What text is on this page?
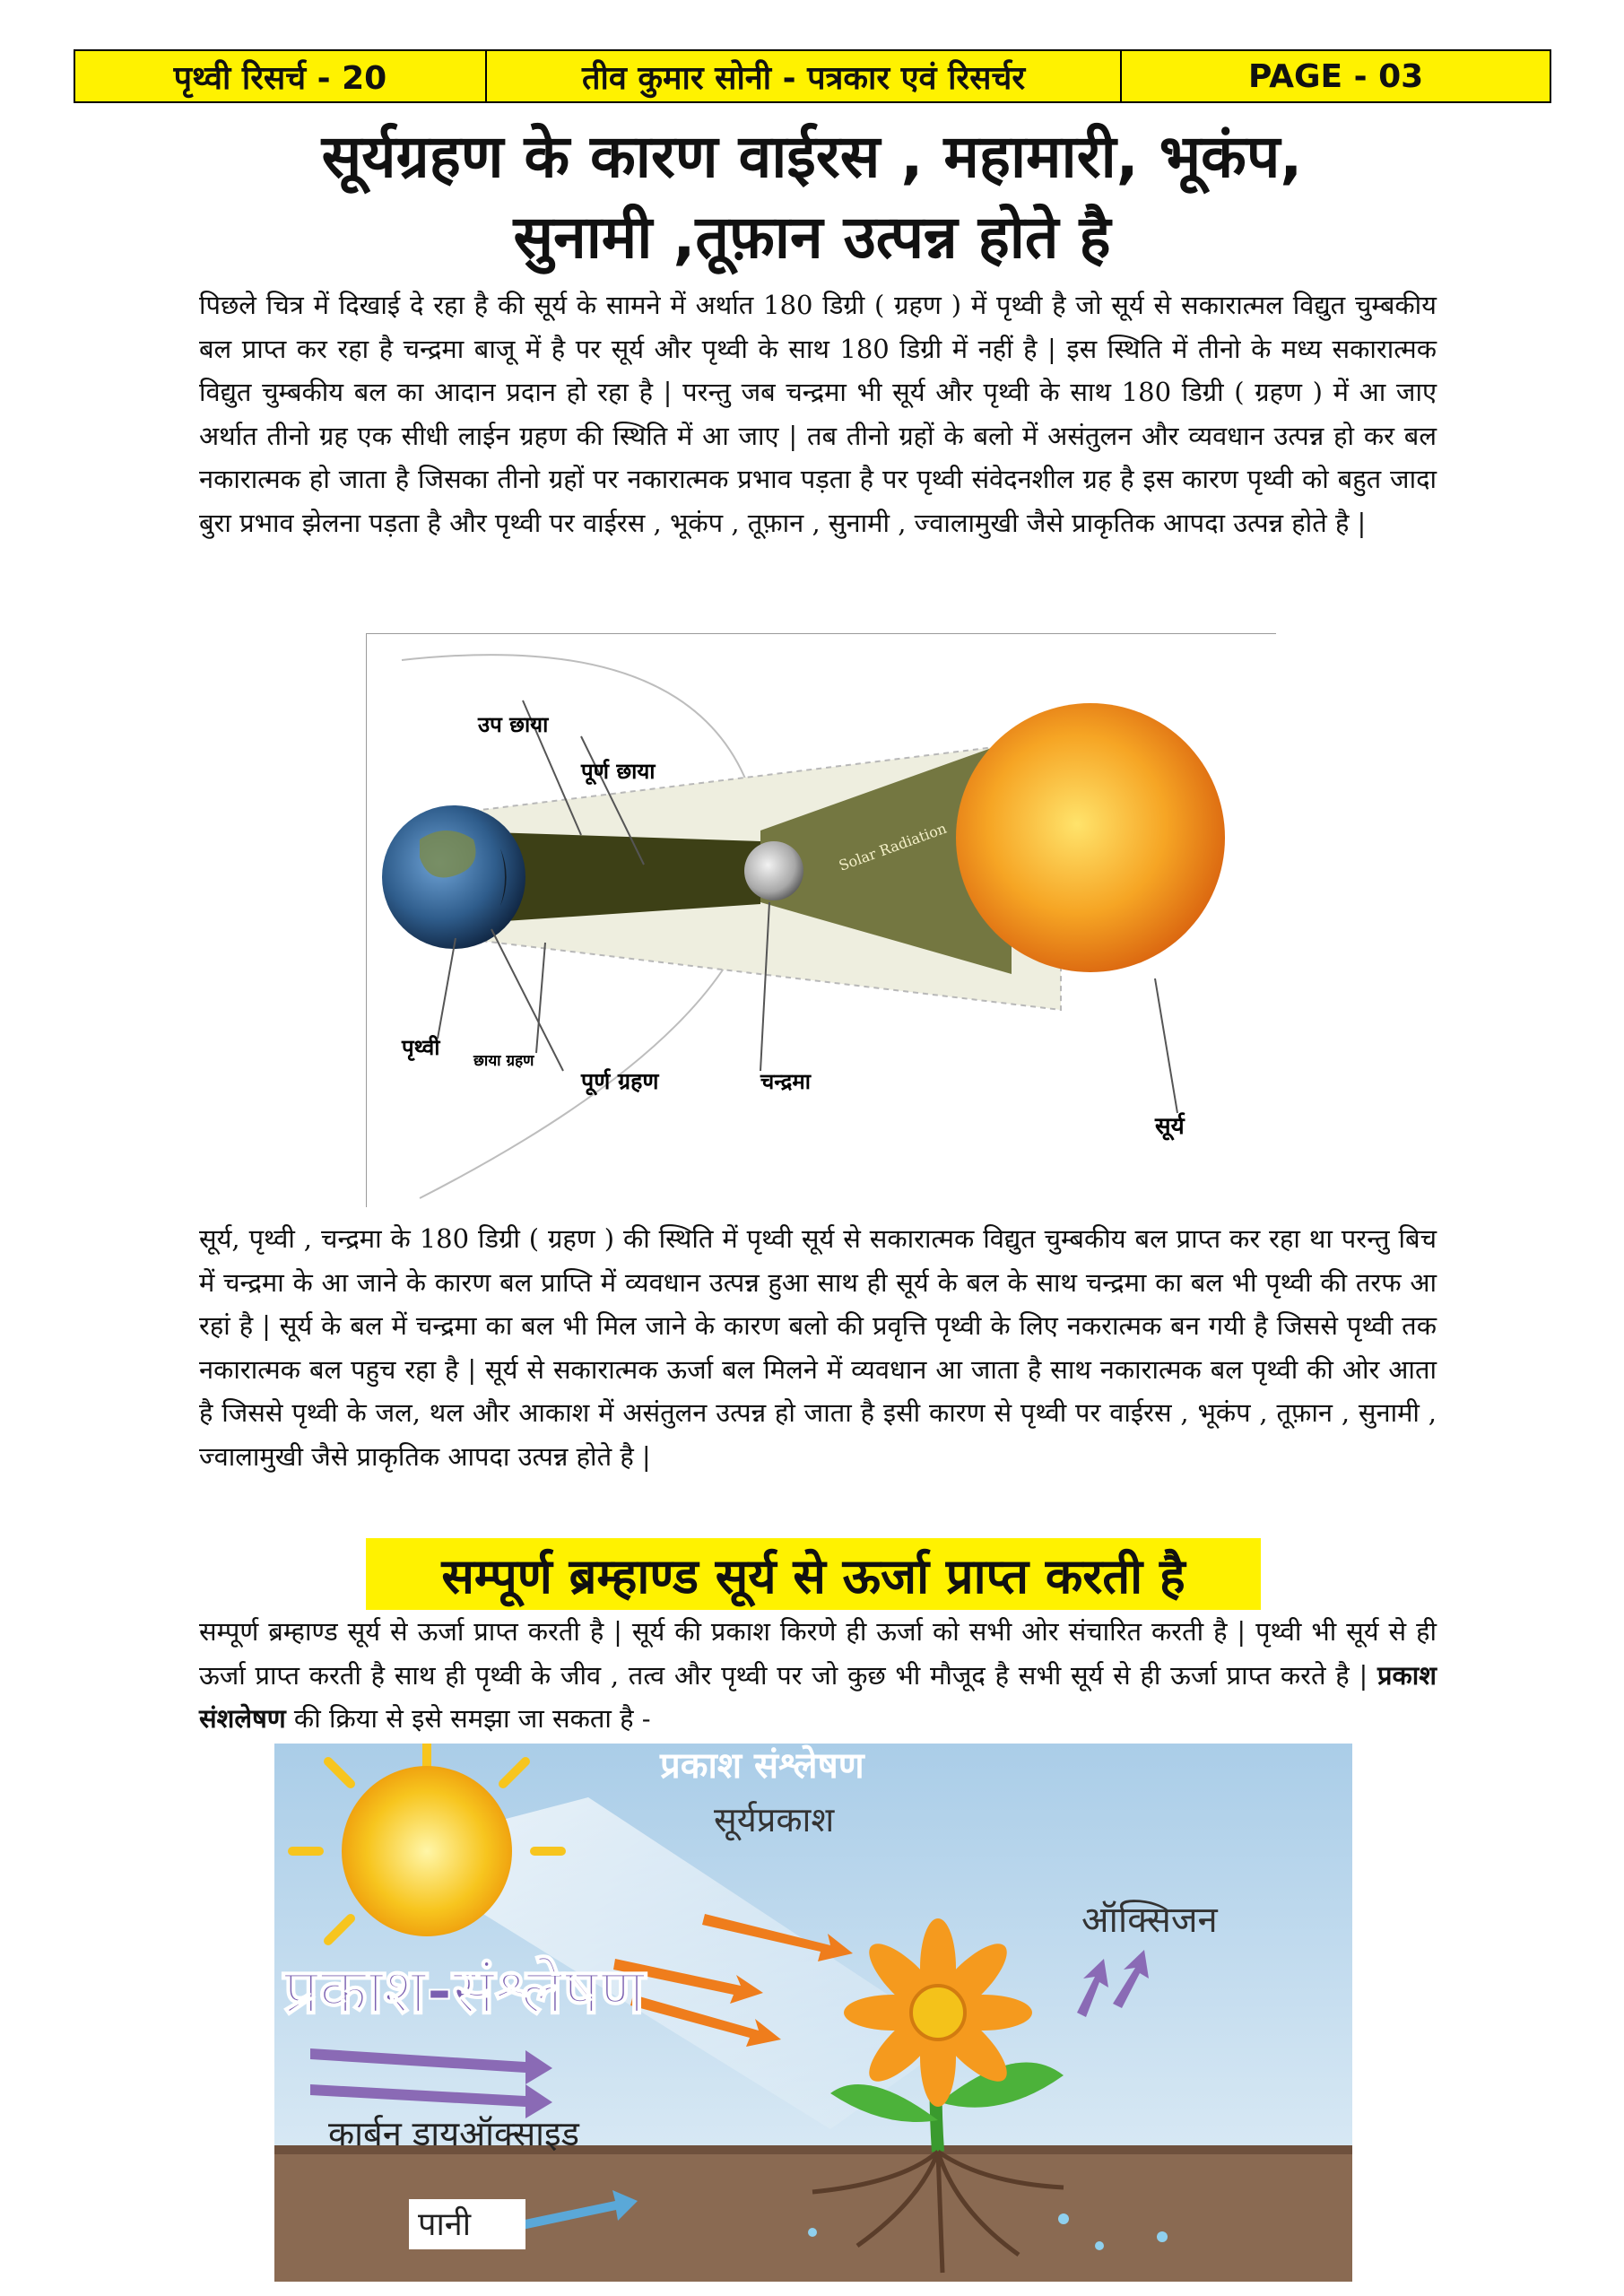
पृथ्वी रिसर्च - 20	तीव कुमार सोनी - पत्रकार एवं रिसर्चर	PAGE - 03
सूर्यग्रहण के कारण वाईरस , महामारी, भूकंप,
सुनामी ,तूफ़ान उत्पन्न होते है

पिछले चित्र में दिखाई दे रहा है की सूर्य के सामने में अर्थात 180 डिग्री ( ग्रहण ) में पृथ्वी है जो सूर्य से सकारात्मल विद्युत चुम्बकीय बल प्राप्त कर रहा है चन्द्रमा बाजू में है पर सूर्य और पृथ्वी के साथ 180 डिग्री में नहीं है | इस स्थिति में तीनो के मध्य सकारात्मक विद्युत चुम्बकीय बल का आदान प्रदान हो रहा है | परन्तु जब चन्द्रमा भी सूर्य और पृथ्वी के साथ 180 डिग्री ( ग्रहण ) में आ जाए अर्थात तीनो ग्रह एक सीधी लाईन ग्रहण की स्थिति में आ जाए | तब तीनो ग्रहों के बलो में असंतुलन और व्यवधान उत्पन्न हो कर बल नकारात्मक हो जाता है जिसका तीनो ग्रहों पर नकारात्मक प्रभाव पड़ता है पर पृथ्वी संवेदनशील ग्रह है इस कारण पृथ्वी को बहुत जादा बुरा प्रभाव झेलना पड़ता है और पृथ्वी पर वाईरस , भूकंप , तूफ़ान , सुनामी , ज्वालामुखी जैसे प्राकृतिक आपदा उत्पन्न होते है |

उप छाया
पूर्ण छाया
Solar Radiation
पृथ्वी
छाया ग्रहण
पूर्ण ग्रहण	चन्द्रमा
सूर्य

सूर्य, पृथ्वी , चन्द्रमा के 180 डिग्री ( ग्रहण ) की स्थिति में पृथ्वी सूर्य से सकारात्मक विद्युत चुम्बकीय बल प्राप्त कर रहा था परन्तु बिच में चन्द्रमा के आ जाने के कारण बल प्राप्ति में व्यवधान उत्पन्न हुआ साथ ही सूर्य के बल के साथ चन्द्रमा का बल भी पृथ्वी की तरफ आ रहां है | सूर्य के बल में चन्द्रमा का बल भी मिल जाने के कारण बलो की प्रवृत्ति पृथ्वी के लिए नकरात्मक बन गयी है जिससे पृथ्वी तक नकारात्मक बल पहुच रहा है | सूर्य से सकारात्मक ऊर्जा बल मिलने में व्यवधान आ जाता है साथ नकारात्मक बल पृथ्वी की ओर आता है जिससे पृथ्वी के जल, थल और आकाश में असंतुलन उत्पन्न हो जाता है इसी कारण से पृथ्वी पर वाईरस , भूकंप , तूफ़ान , सुनामी , ज्वालामुखी जैसे प्राकृतिक आपदा उत्पन्न होते है |

सम्पूर्ण ब्रम्हाण्ड सूर्य से ऊर्जा प्राप्त करती है

सम्पूर्ण ब्रम्हाण्ड सूर्य से ऊर्जा प्राप्त करती है | सूर्य की प्रकाश किरणे ही ऊर्जा को सभी ओर संचारित करती है | पृथ्वी भी सूर्य से ही ऊर्जा प्राप्त करती है साथ ही पृथ्वी के जीव , तत्व और पृथ्वी पर जो कुछ भी मौजूद है सभी सूर्य से ही ऊर्जा प्राप्त करते है | प्रकाश संशलेषण की क्रिया से इसे समझा जा सकता है -

प्रकाश संश्लेषण
सूर्यप्रकाश
ऑक्सिजन
प्रकाश-संश्लेषण
कार्बन डायऑक्साइड
पानी
